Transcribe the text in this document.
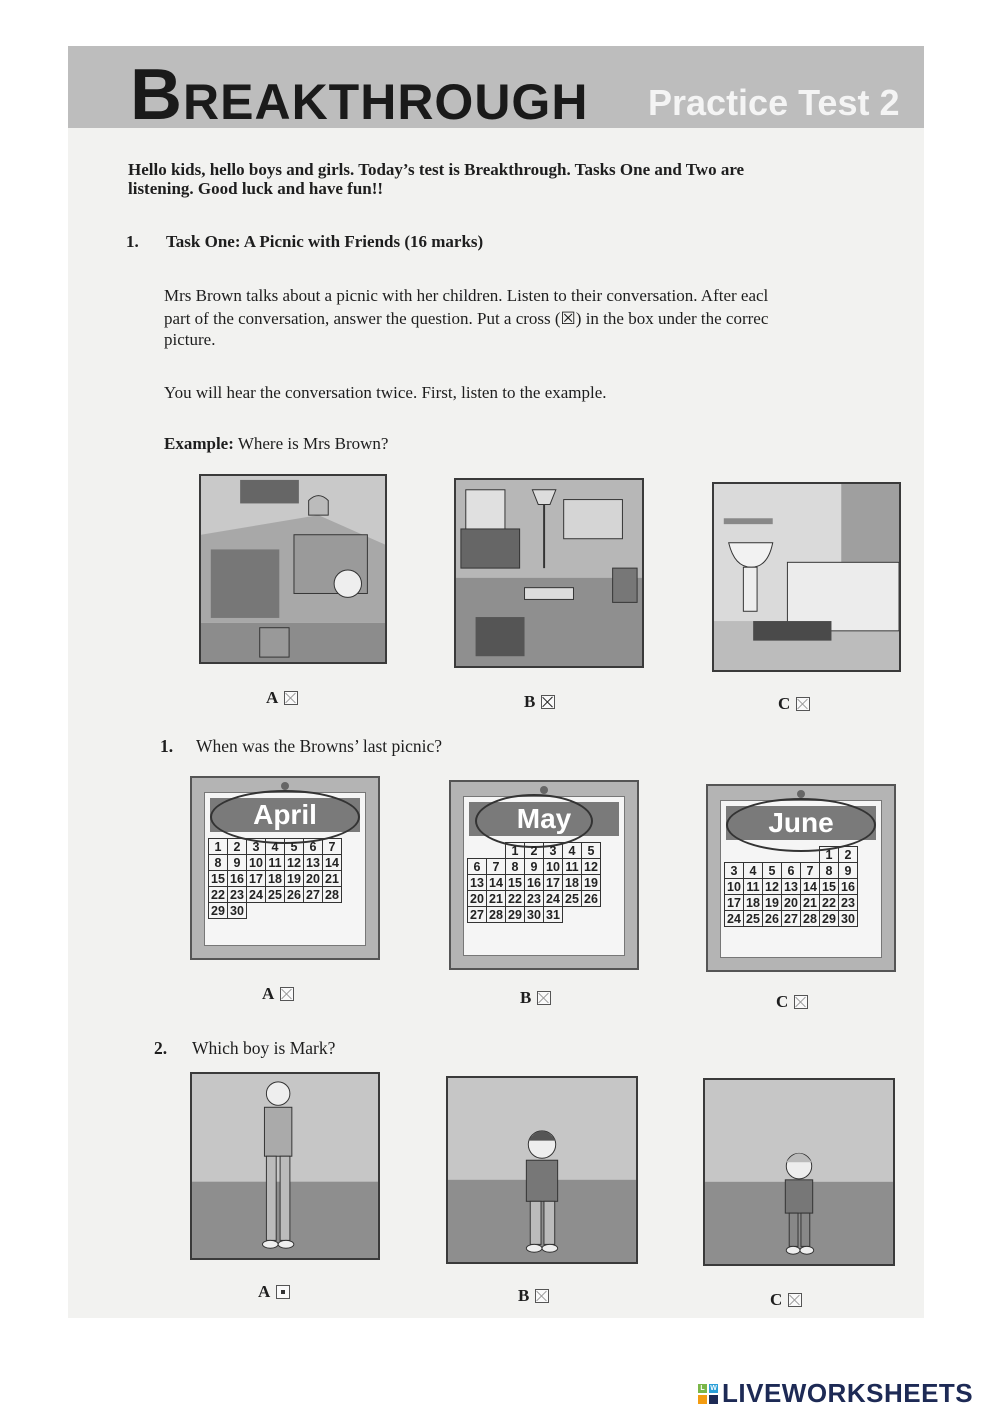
BREAKTHROUGH Practice Test 2
Hello kids, hello boys and girls. Today’s test is Breakthrough. Tasks One and Two are
listening. Good luck and have fun!!
1. Task One: A Picnic with Friends (16 marks)
Mrs Brown talks about a picnic with her children. Listen to their conversation. After eacl
part of the conversation, answer the question. Put a cross (☒) in the box under the correc
picture.
You will hear the conversation twice. First, listen to the example.
Example: Where is Mrs Brown?
A	B	C
1. When was the Browns’ last picnic?
April
1	2	3	4	5	6	7
8	9	10	11	12	13	14
15	16	17	18	19	20	21
22	23	24	25	26	27	28
29	30					
May
		1	2	3	4	5
6	7	8	9	10	11	12
13	14	15	16	17	18	19
20	21	22	23	24	25	26
27	28	29	30	31		
June
					1	2
3	4	5	6	7	8	9
10	11	12	13	14	15	16
17	18	19	20	21	22	23
24	25	26	27	28	29	30
A	B	C
2. Which boy is Mark?
A	B	C
L W LIVEWORKSHEETS
